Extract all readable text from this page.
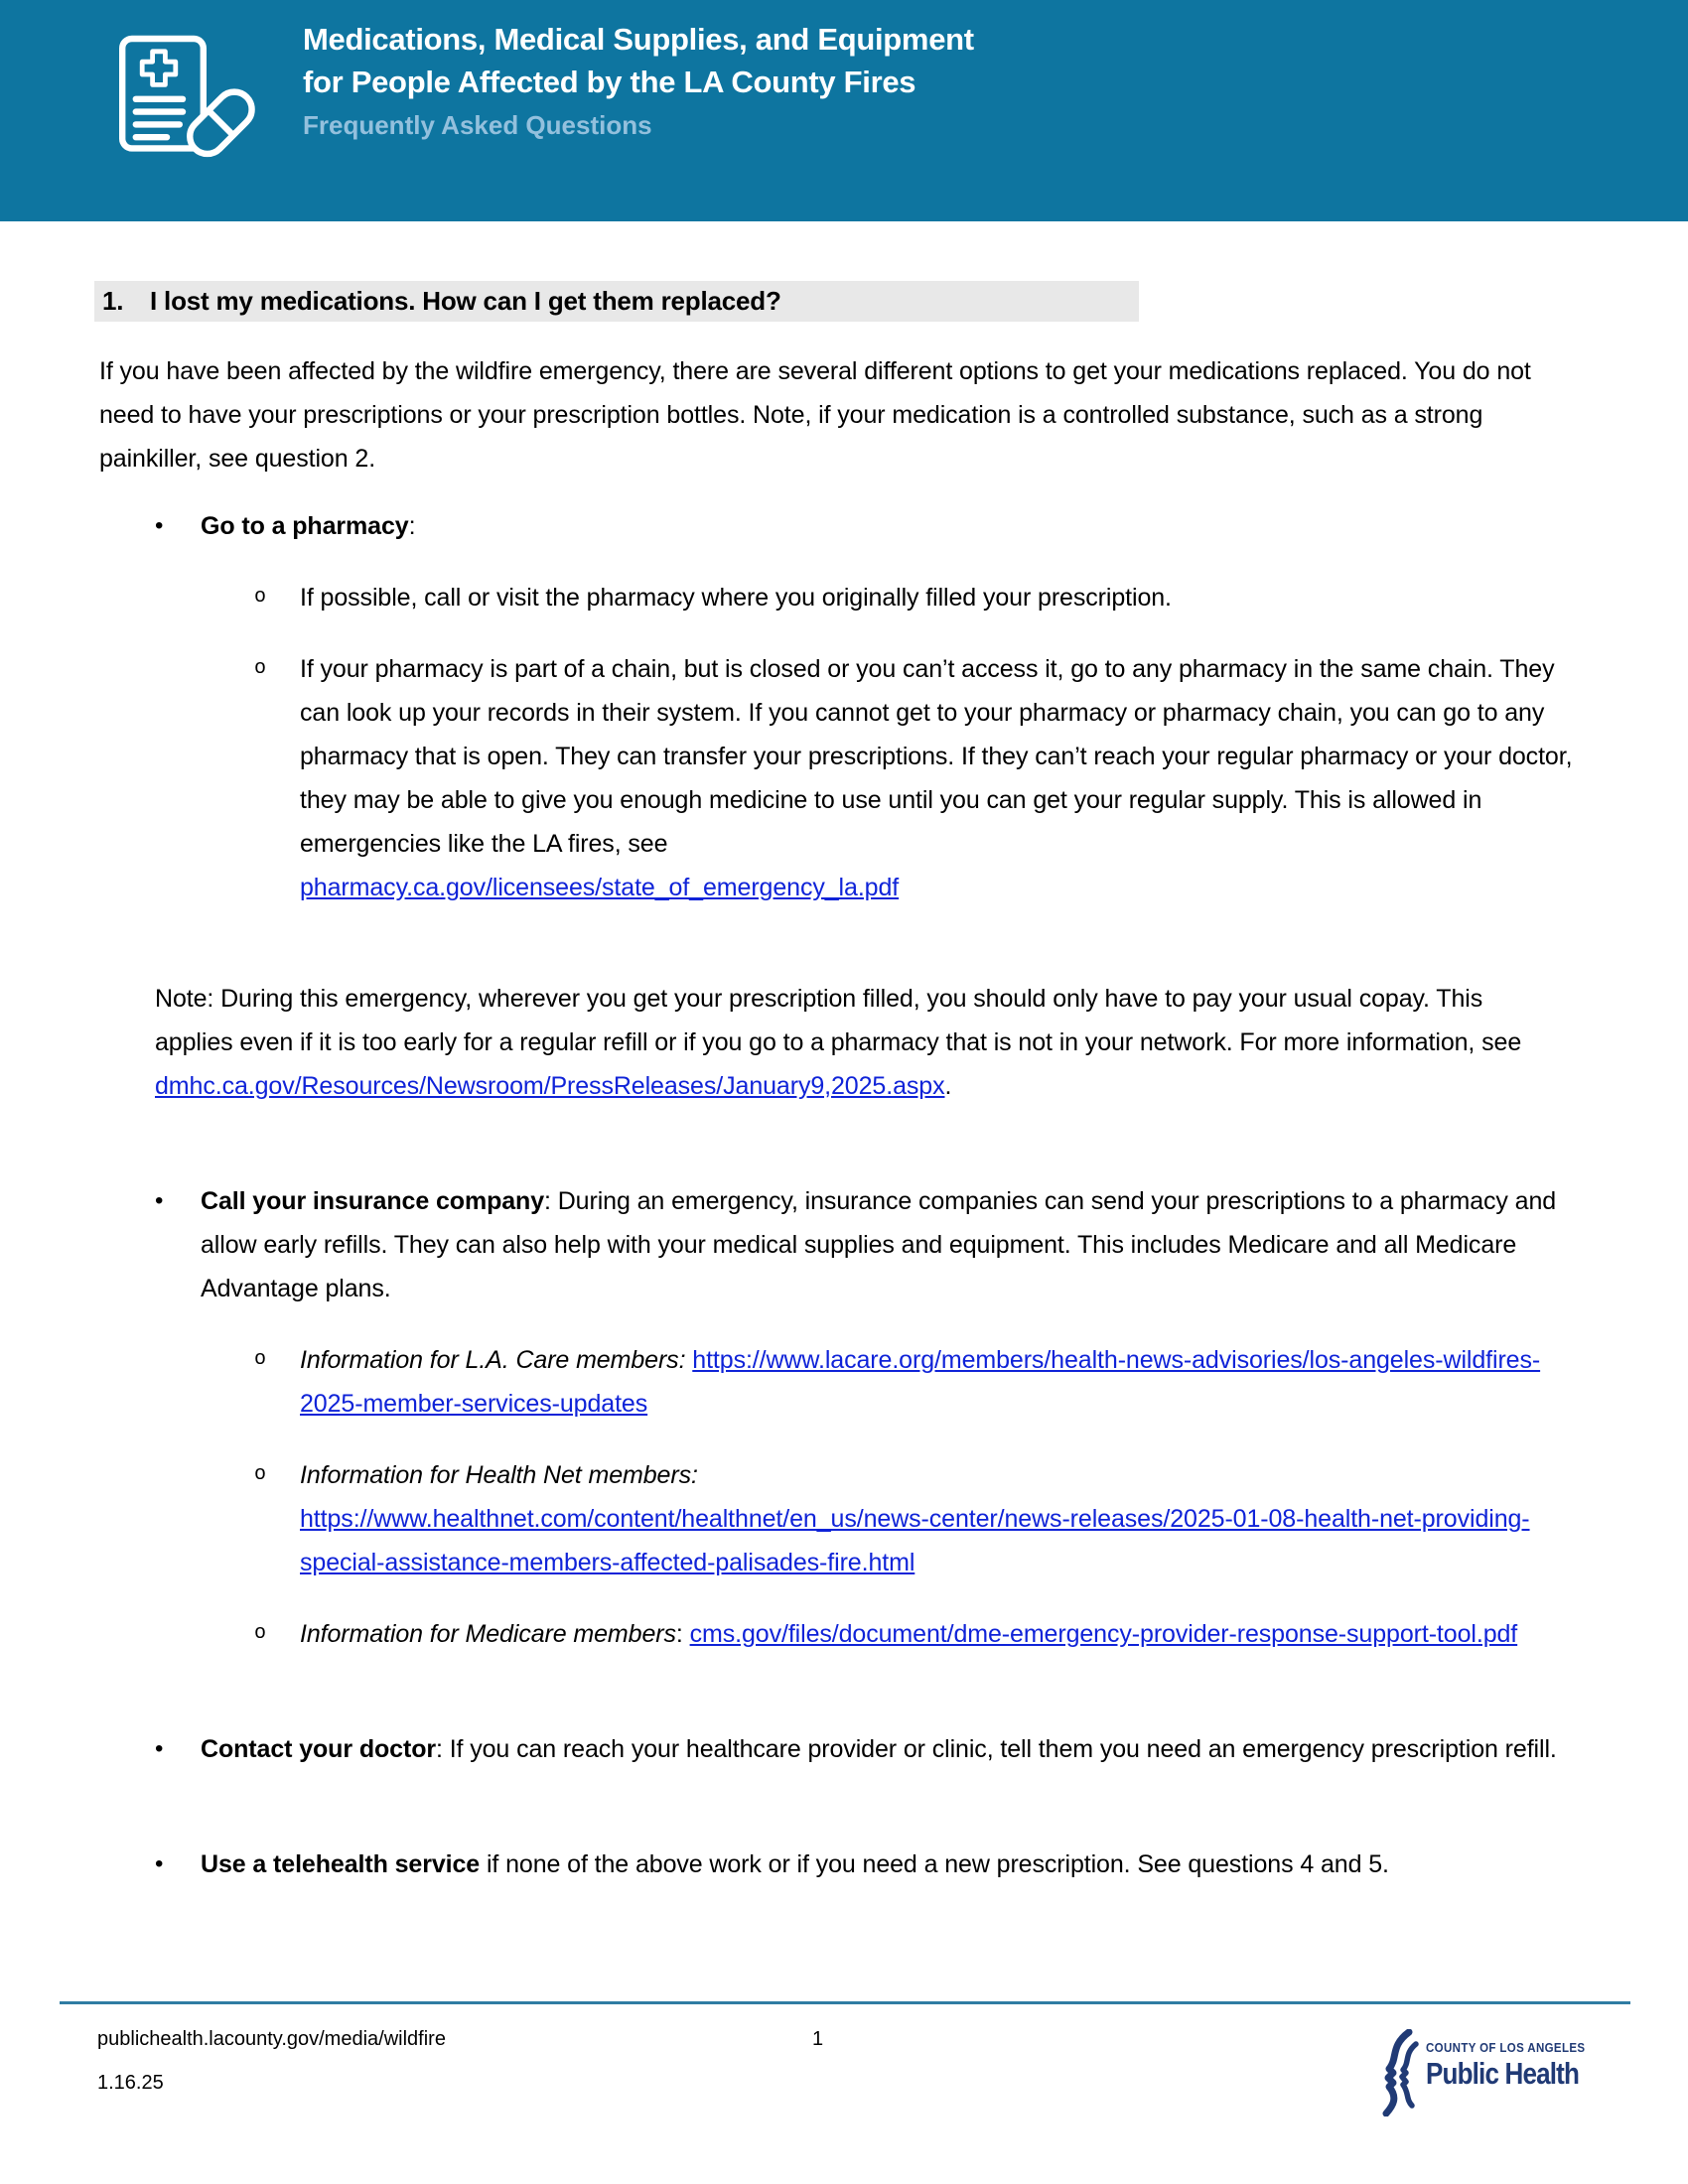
Medications, Medical Supplies, and Equipment
for People Affected by the LA County Fires
Frequently Asked Questions
1.	I lost my medications. How can I get them replaced?
If you have been affected by the wildfire emergency, there are several different options to get your medications replaced. You do not need to have your prescriptions or your prescription bottles. Note, if your medication is a controlled substance, such as a strong painkiller, see question 2.
•	Go to a pharmacy:
o	If possible, call or visit the pharmacy where you originally filled your prescription.
o	If your pharmacy is part of a chain, but is closed or you can’t access it, go to any pharmacy in the same chain. They can look up your records in their system. If you cannot get to your pharmacy or pharmacy chain, you can go to any pharmacy that is open. They can transfer your prescriptions. If they can’t reach your regular pharmacy or your doctor, they may be able to give you enough medicine to use until you can get your regular supply. This is allowed in emergencies like the LA fires, see
pharmacy.ca.gov/licensees/state_of_emergency_la.pdf
Note: During this emergency, wherever you get your prescription filled, you should only have to pay your usual copay. This applies even if it is too early for a regular refill or if you go to a pharmacy that is not in your network. For more information, see
dmhc.ca.gov/Resources/Newsroom/PressReleases/January9,2025.aspx.
•	Call your insurance company: During an emergency, insurance companies can send your prescriptions to a pharmacy and allow early refills. They can also help with your medical supplies and equipment. This includes Medicare and all Medicare Advantage plans.
o	Information for L.A. Care members: https://www.lacare.org/members/health-news-advisories/los-angeles-wildfires-2025-member-services-updates
o	Information for Health Net members:
https://www.healthnet.com/content/healthnet/en_us/news-center/news-releases/2025-01-08-health-net-providing-special-assistance-members-affected-palisades-fire.html
o	Information for Medicare members: cms.gov/files/document/dme-emergency-provider-response-support-tool.pdf
•	Contact your doctor: If you can reach your healthcare provider or clinic, tell them you need an emergency prescription refill.
•	Use a telehealth service if none of the above work or if you need a new prescription. See questions 4 and 5.
publichealth.lacounty.gov/media/wildfire
1.16.25
1	COUNTY OF LOS ANGELES
Public Health
